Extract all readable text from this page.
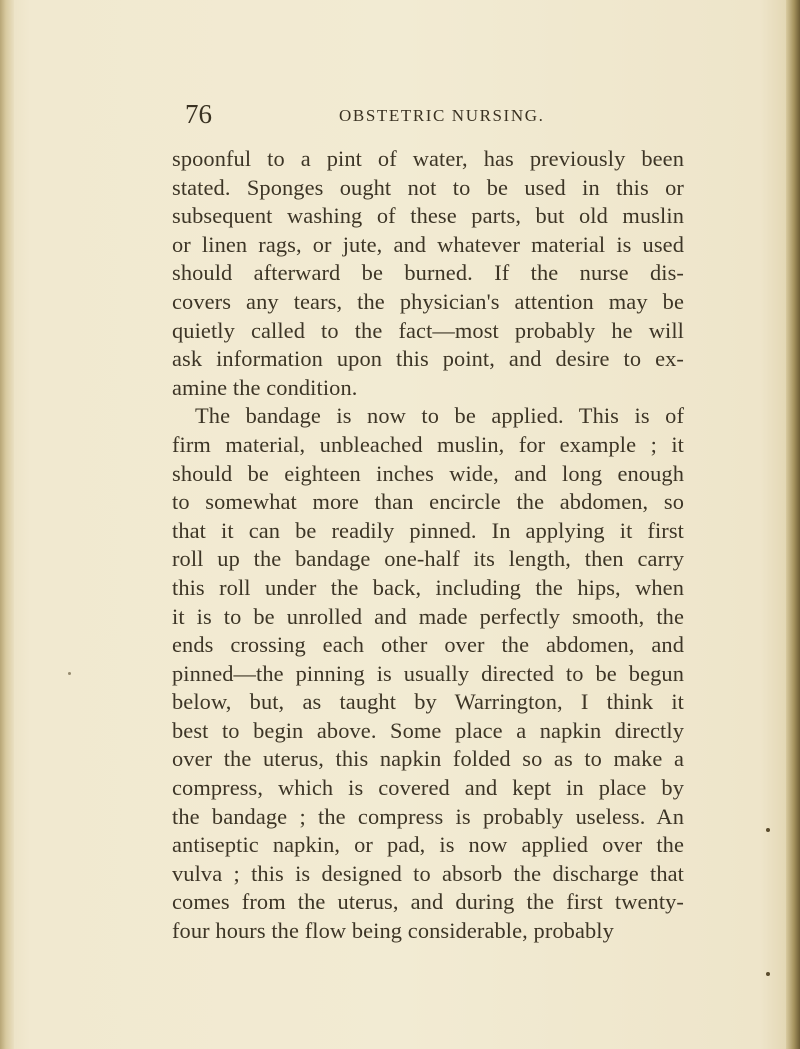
76	OBSTETRIC NURSING.
spoonful to a pint of water, has previously been
stated. Sponges ought not to be used in this or
subsequent washing of these parts, but old muslin
or linen rags, or jute, and whatever material is used
should afterward be burned. If the nurse dis-
covers any tears, the physician's attention may be
quietly called to the fact—most probably he will
ask information upon this point, and desire to ex-
amine the condition.
The bandage is now to be applied. This is of
firm material, unbleached muslin, for example ; it
should be eighteen inches wide, and long enough
to somewhat more than encircle the abdomen, so
that it can be readily pinned. In applying it first
roll up the bandage one-half its length, then carry
this roll under the back, including the hips, when
it is to be unrolled and made perfectly smooth, the
ends crossing each other over the abdomen, and
pinned—the pinning is usually directed to be begun
below, but, as taught by Warrington, I think it
best to begin above. Some place a napkin directly
over the uterus, this napkin folded so as to make a
compress, which is covered and kept in place by
the bandage ; the compress is probably useless. An
antiseptic napkin, or pad, is now applied over the
vulva ; this is designed to absorb the discharge that
comes from the uterus, and during the first twenty-
four hours the flow being considerable, probably
